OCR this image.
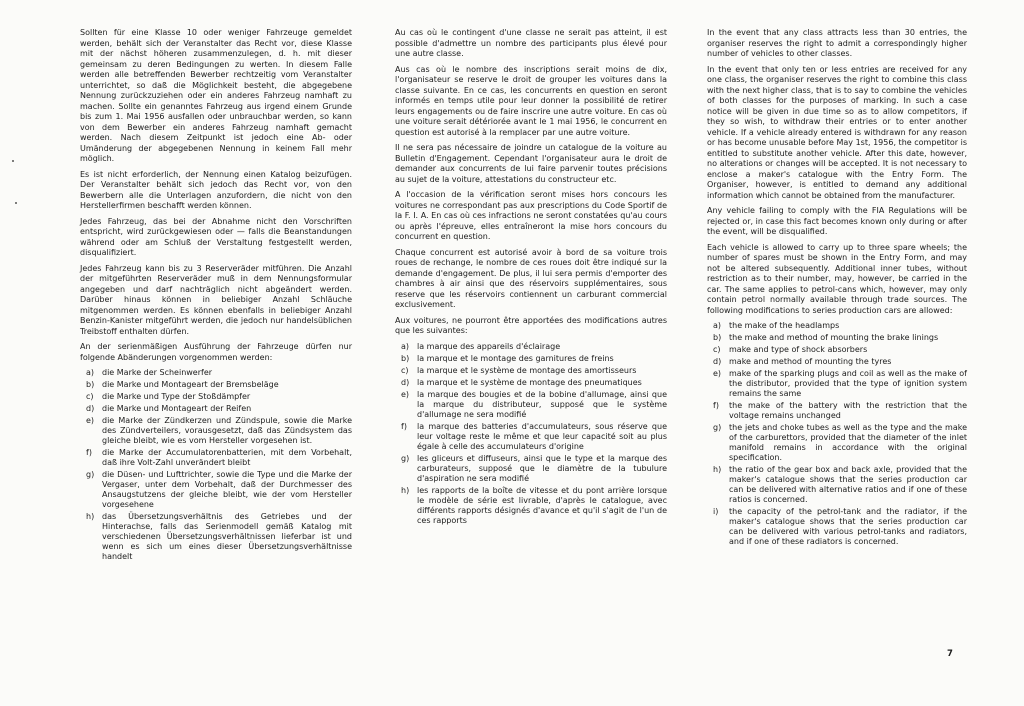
Sollten für eine Klasse 10 oder weniger Fahrzeuge gemeldet werden, behält sich der Veranstalter das Recht vor, diese Klasse mit der nächst höheren zusammenzulegen, d. h. mit dieser gemeinsam zu deren Bedingungen zu werten. In diesem Falle werden alle betreffenden Bewerber rechtzeitig vom Veranstalter unterrichtet, so daß die Möglichkeit besteht, die abgegebene Nennung zurückzuziehen oder ein anderes Fahrzeug namhaft zu machen. Sollte ein genanntes Fahrzeug aus irgend einem Grunde bis zum 1. Mai 1956 ausfallen oder unbrauchbar werden, so kann von dem Bewerber ein anderes Fahrzeug namhaft gemacht werden. Nach diesem Zeitpunkt ist jedoch eine Ab- oder Umänderung der abgegebenen Nennung in keinem Fall mehr möglich.

Es ist nicht erforderlich, der Nennung einen Katalog beizufügen. Der Veranstalter behält sich jedoch das Recht vor, von den Bewerbern alle die Unterlagen anzufordern, die nicht von den Herstellerfirmen beschafft werden können.

Jedes Fahrzeug, das bei der Abnahme nicht den Vorschriften entspricht, wird zurückgewiesen oder — falls die Beanstandungen während oder am Schluß der Verstaltung festgestellt werden, disqualifiziert.

Jedes Fahrzeug kann bis zu 3 Reserveräder mitführen. Die Anzahl der mitgeführten Reserveräder muß in dem Nennungsformular angegeben und darf nachträglich nicht abgeändert werden. Darüber hinaus können in beliebiger Anzahl Schläuche mitgenommen werden. Es können ebenfalls in beliebiger Anzahl Benzin-Kanister mitgeführt werden, die jedoch nur handelsüblichen Treibstoff enthalten dürfen.

An der serienmäßigen Ausführung der Fahrzeuge dürfen nur folgende Abänderungen vorgenommen werden:

a) die Marke der Scheinwerfer
b) die Marke und Montageart der Bremsbeläge
c) die Marke und Type der Stoßdämpfer
d) die Marke und Montageart der Reifen
e) die Marke der Zündkerzen und Zündspule, sowie die Marke des Zündverteilers, vorausgesetzt, daß das Zündsystem das gleiche bleibt, wie es vom Hersteller vorgesehen ist.
f) die Marke der Accumulatorenbatterien, mit dem Vorbehalt, daß ihre Volt-Zahl unverändert bleibt
g) die Düsen- und Lufttrichter, sowie die Type und die Marke der Vergaser, unter dem Vorbehalt, daß der Durchmesser des Ansaugstutzens der gleiche bleibt, wie der vom Hersteller vorgesehene
h) das Übersetzungsverhältnis des Getriebes und der Hinterachse, falls das Serienmodell gemäß Katalog mit verschiedenen Übersetzungsverhältnissen lieferbar ist und wenn es sich um eines dieser Übersetzungsverhältnisse handelt

Au cas où le contingent d'une classe ne serait pas atteint, il est possible d'admettre un nombre des participants plus élevé pour une autre classe.

Aus cas où le nombre des inscriptions serait moins de dix, l'organisateur se reserve le droit de grouper les voitures dans la classe suivante. En ce cas, les concurrents en question en seront informés en temps utile pour leur donner la possibilité de retirer leurs engagements ou de faire inscrire une autre voiture. En cas où une voiture serait détériorée avant le 1 mai 1956, le concurrent en question est autorisé à la remplacer par une autre voiture.

Il ne sera pas nécessaire de joindre un catalogue de la voiture au Bulletin d'Engagement. Cependant l'organisateur aura le droit de demander aux concurrents de lui faire parvenir toutes précisions au sujet de la voiture, attestations du constructeur etc.

A l'occasion de la vérification seront mises hors concours les voitures ne correspondant pas aux prescriptions du Code Sportif de la F. I. A. En cas où ces infractions ne seront constatées qu'au cours ou après l'épreuve, elles entraîneront la mise hors concours du concurrent en question.

Chaque concurrent est autorisé avoir à bord de sa voiture trois roues de rechange, le nombre de ces roues doit être indiqué sur la demande d'engagement. De plus, il lui sera permis d'emporter des chambres à air ainsi que des réservoirs supplémentaires, sous reserve que les réservoirs contiennent un carburant commercial exclusivement.

Aux voitures, ne pourront être apportées des modifications autres que les suivantes:

a) la marque des appareils d'éclairage
b) la marque et le montage des garnitures de freins
c) la marque et le système de montage des amortisseurs
d) la marque et le système de montage des pneumatiques
e) la marque des bougies et de la bobine d'allumage, ainsi que la marque du distributeur, supposé que le système d'allumage ne sera modifié
f) la marque des batteries d'accumulateurs, sous réserve que leur voltage reste le même et que leur capacité soit au plus égale à celle des accumulateurs d'origine
g) les gliceurs et diffuseurs, ainsi que le type et la marque des carburateurs, supposé que le diamètre de la tubulure d'aspiration ne sera modifié
h) les rapports de la boîte de vitesse et du pont arrière lorsque le modèle de série est livrable, d'après le catalogue, avec différents rapports désignés d'avance et qu'il s'agit de l'un de ces rapports

In the event that any class attracts less than 30 entries, the organiser reserves the right to admit a correspondingly higher number of vehicles to other classes.

In the event that only ten or less entries are received for any one class, the organiser reserves the right to combine this class with the next higher class, that is to say to combine the vehicles of both classes for the purposes of marking. In such a case notice will be given in due time so as to allow competitors, if they so wish, to withdraw their entries or to enter another vehicle. If a vehicle already entered is withdrawn for any reason or has become unusable before May 1st, 1956, the competitor is entitled to substitute another vehicle. After this date, however, no alterations or changes will be accepted. It is not necessary to enclose a maker's catalogue with the Entry Form. The Organiser, however, is entitled to demand any additional information which cannot be obtained from the manufacturer.

Any vehicle failing to comply with the FIA Regulations will be rejected or, in case this fact becomes known only during or after the event, will be disqualified.

Each vehicle is allowed to carry up to three spare wheels; the number of spares must be shown in the Entry Form, and may not be altered subsequently. Additional inner tubes, without restriction as to their number, may, however, be carried in the car. The same applies to petrol-cans which, however, may only contain petrol normally available through trade sources. The following modifications to series production cars are allowed:

a) the make of the headlamps
b) the make and method of mounting the brake linings
c) make and type of shock absorbers
d) make and method of mounting the tyres
e) make of the sparking plugs and coil as well as the make of the distributor, provided that the type of ignition system remains the same
f) the make of the battery with the restriction that the voltage remains unchanged
g) the jets and choke tubes as well as the type and the make of the carburettors, provided that the diameter of the inlet manifold remains in accordance with the original specification.
h) the ratio of the gear box and back axle, provided that the maker's catalogue shows that the series production car can be delivered with alternative ratios and if one of these ratios is concerned.
i) the capacity of the petrol-tank and the radiator, if the maker's catalogue shows that the series production car can be delivered with various petrol-tanks and radiators, and if one of these radiators is concerned.
7
